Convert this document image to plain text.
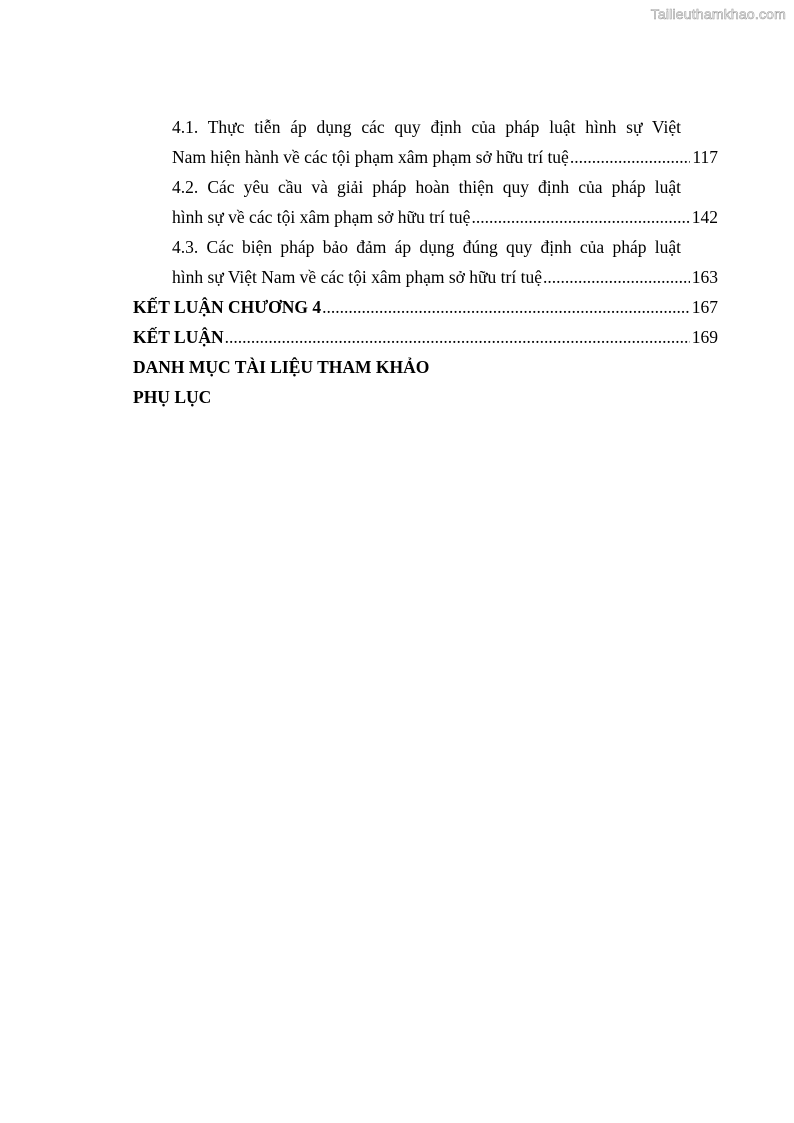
Tailieuthamkhao.com
4.1. Thực tiễn áp dụng các quy định của pháp luật hình sự Việt
Nam hiện hành về các tội phạm xâm phạm sở hữu trí tuệ .....	117
4.2. Các yêu cầu và giải pháp hoàn thiện quy định của pháp luật
hình sự về các tội xâm phạm sở hữu trí tuệ .....	142
4.3. Các biện pháp bảo đảm áp dụng đúng quy định của pháp luật
hình sự Việt Nam về các tội xâm phạm sở hữu trí tuệ .....	163
KẾT LUẬN CHƯƠNG 4 .....	167
KẾT LUẬN .....	169
DANH MỤC TÀI LIỆU THAM KHẢO
PHỤ LỤC
